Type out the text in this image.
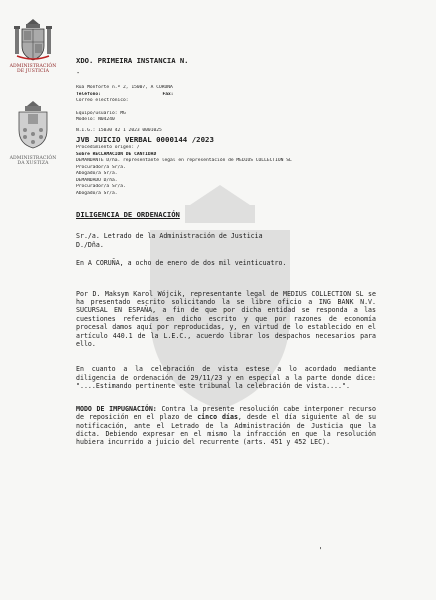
ADMINISTRACIÓN
DE JUSTICIA
ADMINISTRACIÓN
DA XUSTIZA

XDO. PRIMEIRA INSTANCIA N.

-

Rúa Monforte n.º 2, 15007, A CORUÑA

Teléfono:	Fax:

Correo electrónico:

Equipo/usuario: MG

Modelo: N04240

N.I.G.: 15030 42 1 2023 0001025

JVB JUICIO VERBAL 0000144 /2023

Procedimiento origen: /

Sobre RECLAMACION DE CANTIDAD

DEMANDANTE D/ña. representante legal en representación de MEDIUS COLLECTION SL

Procurador/a Sr/a.

Abogado/a Sr/a.

DEMANDADO D/ña.

Procurador/a Sr/a.

Abogado/a Sr/a.

DILIGENCIA DE ORDENACIÓN

Sr./a. Letrado de la Administración de Justicia

D./Dña.

En A CORUÑA, a ocho de enero de dos mil veinticuatro.

Por D. Maksym Karol Wójcik, representante legal de MEDIUS COLLECTION SL se ha presentado escrito solicitando la se libre oficio a ING BANK N.V. SUCURSAL EN ESPAÑA, a fin de que por dicha entidad se responda a las cuestiones referidas en dicho escrito y que por razones de economía procesal damos aquí por reproducidas, y, en virtud de lo establecido en el artículo 440.1 de la L.E.C., acuerdo librar los despachos necesarios para ello.

En cuanto a la celebración de vista estese a lo acordado mediante diligencia de ordenación de 29/11/23 y en especial a la parte donde dice: "....Estimando pertinente este tribunal la celebración de vista....".

MODO DE IMPUGNACIÓN: Contra la presente resolución cabe interponer recurso de reposición en el plazo de cinco días, desde el día siguiente al de su notificación, ante el Letrado de la Administración de Justicia que la dicta. Debiendo expresar en el mismo la infracción en que la resolución hubiera incurrido a juicio del recurrente (arts. 451 y 452 LEC).

'
